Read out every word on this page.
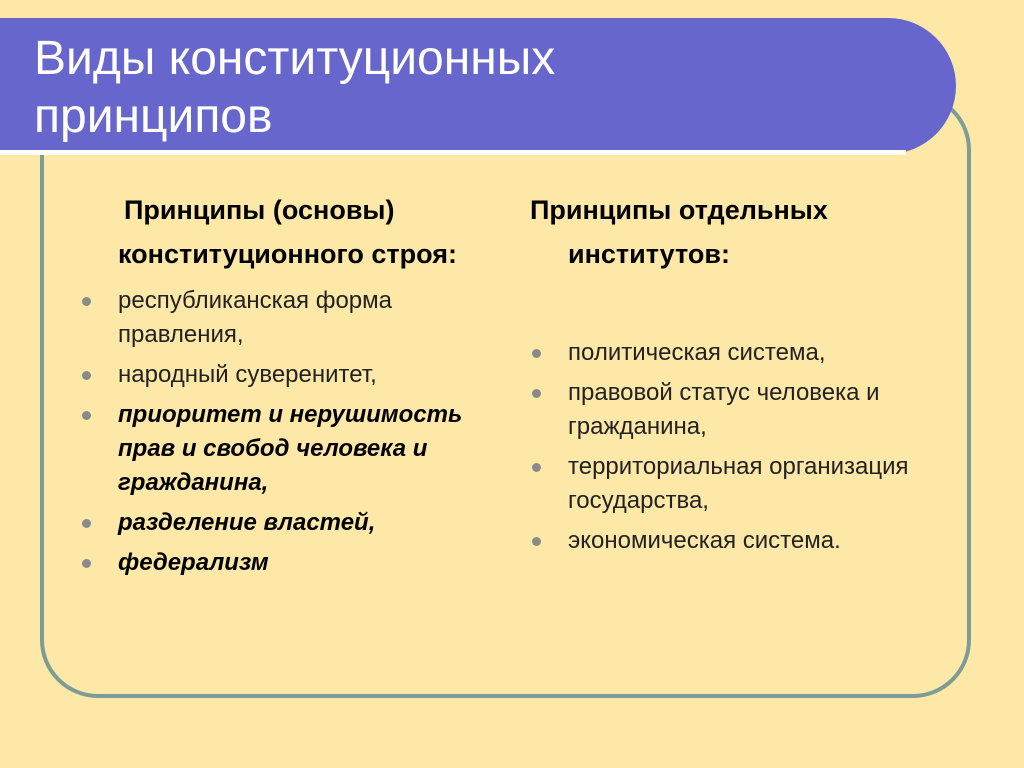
Виды конституционных принципов
Принципы (основы) конституционного строя:
республиканская форма правления,
народный суверенитет,
приоритет и нерушимость прав и свобод человека и гражданина,
разделение властей,
федерализм
Принципы отдельных институтов:
политическая система,
правовой статус человека и гражданина,
территориальная организация государства,
экономическая система.
